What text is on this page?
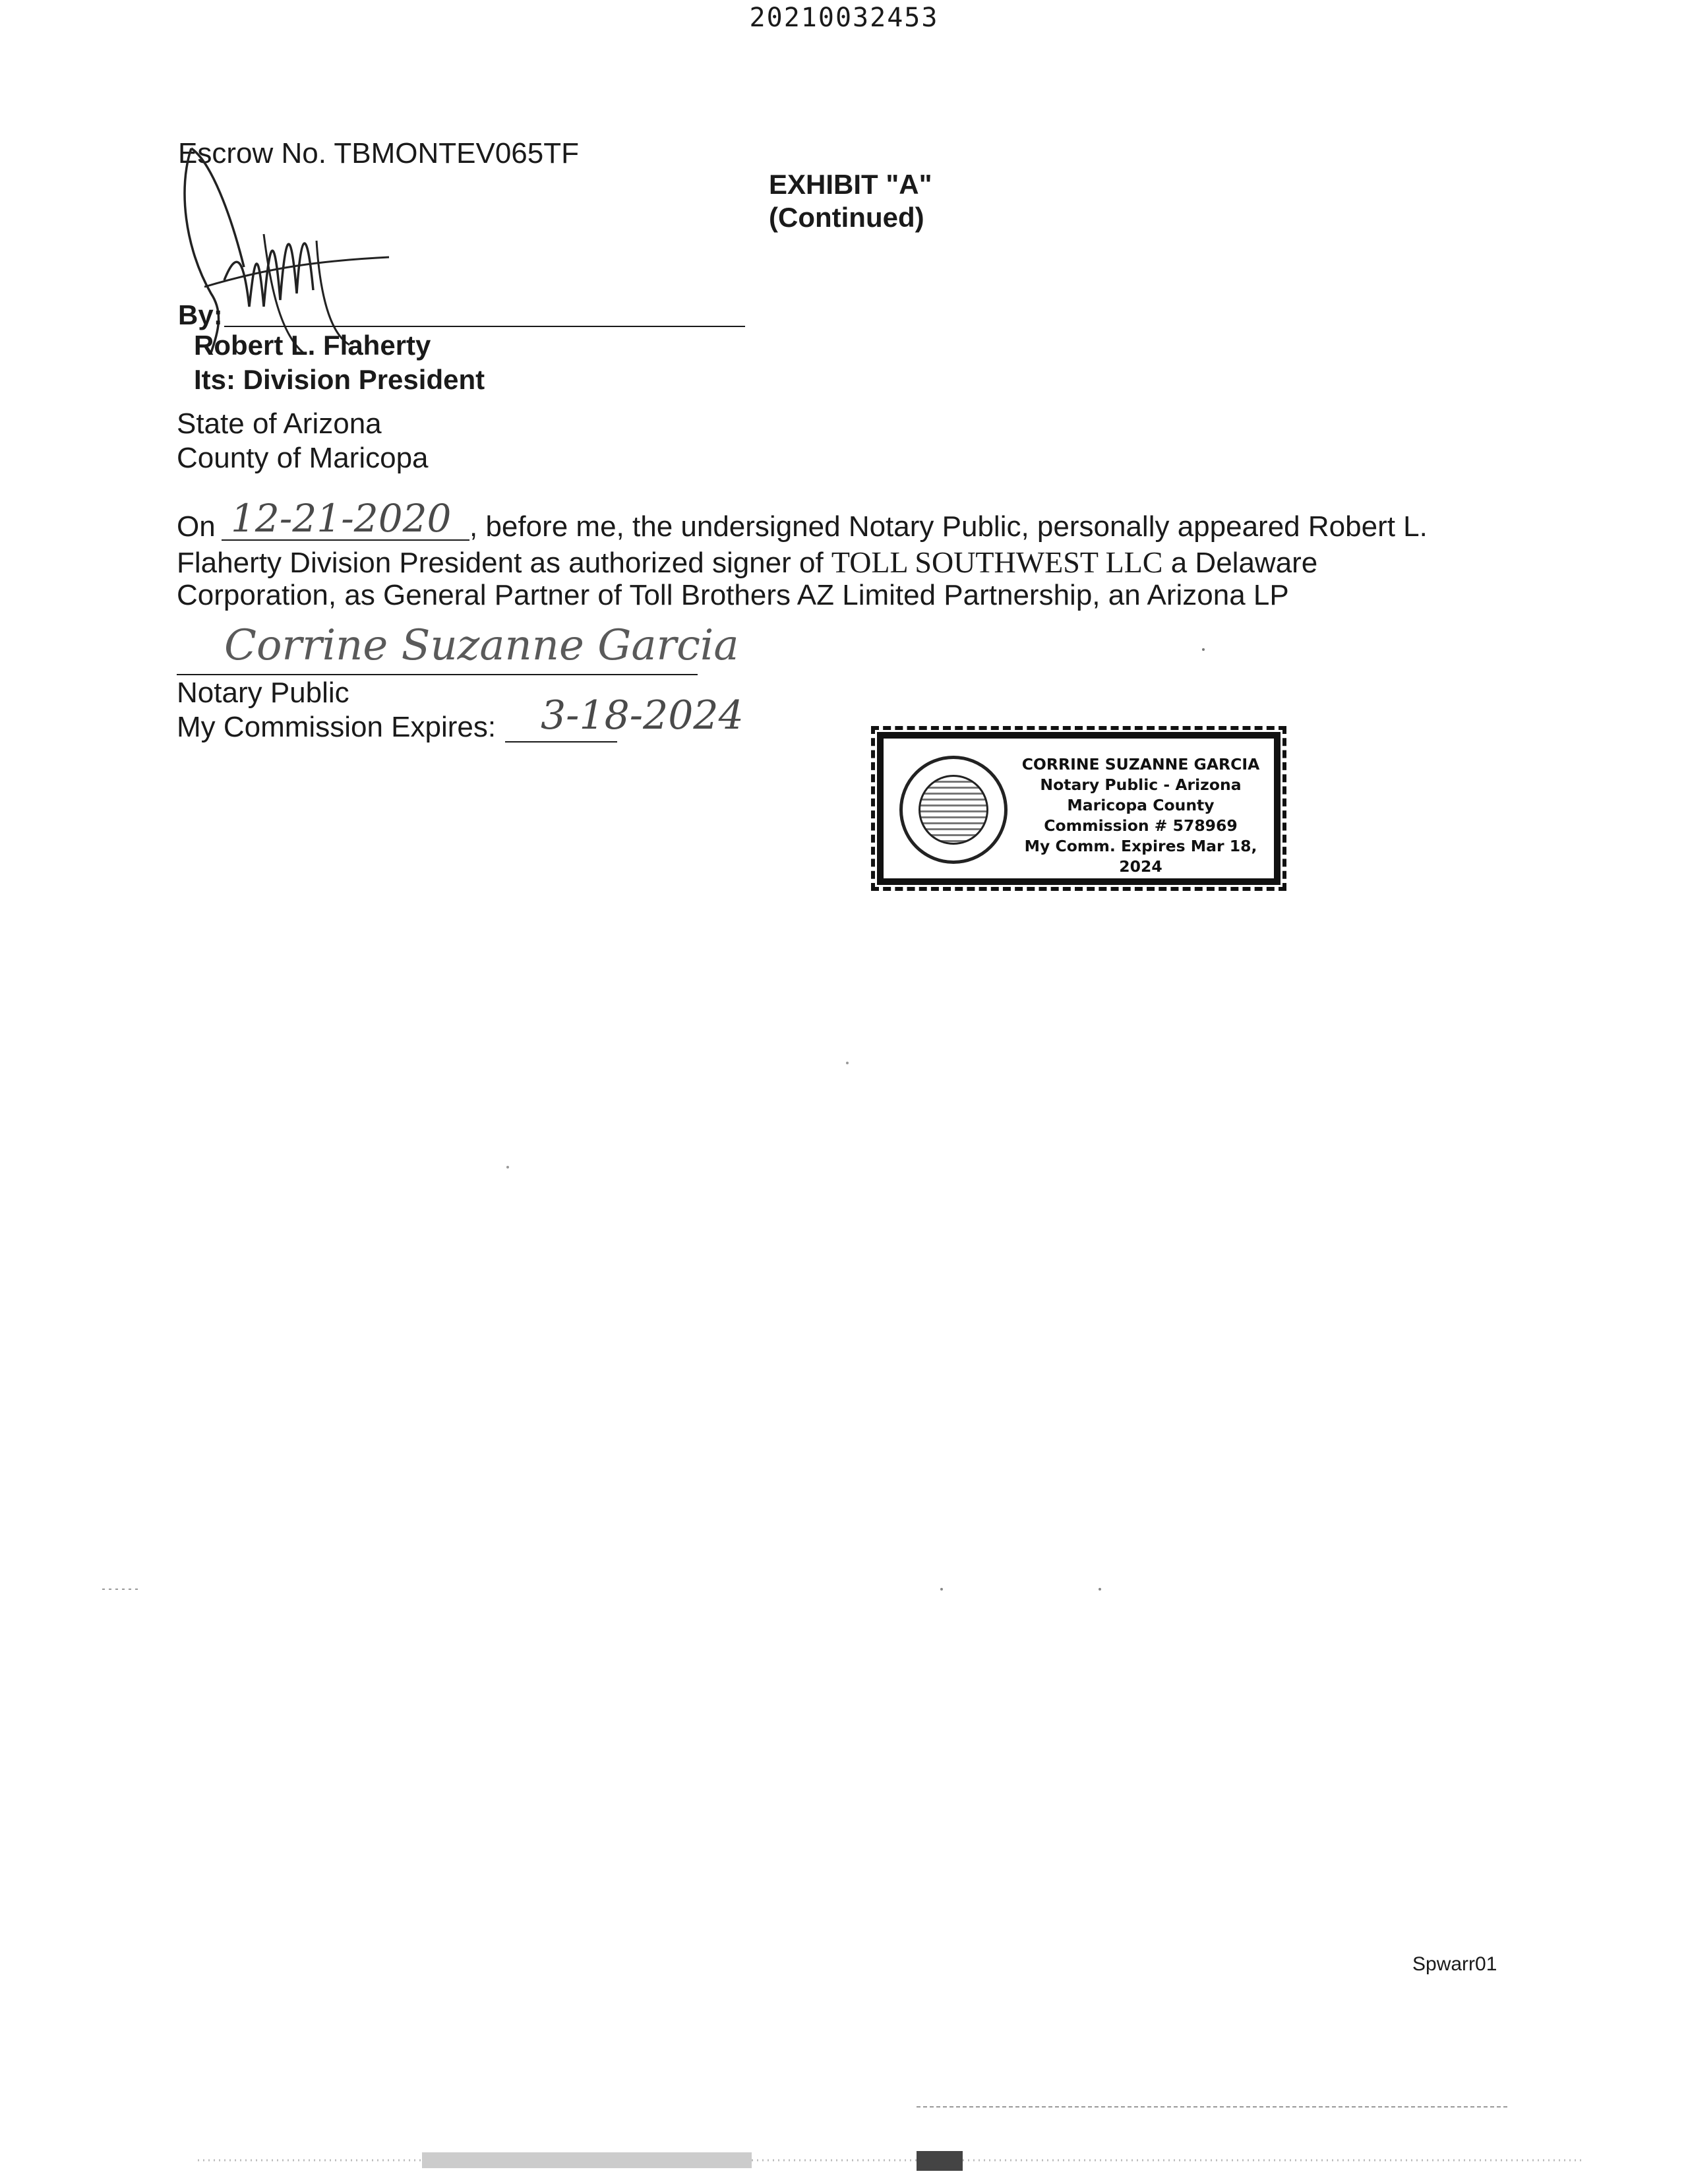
20210032453
Escrow No. TBMONTEV065TF
EXHIBIT "A"
(Continued)
By:
Robert L. Flaherty
Its: Division President
State of Arizona
County of Maricopa
On 12-21-2020 , before me, the undersigned Notary Public, personally appeared Robert L.
Flaherty Division President as authorized signer of TOLL SOUTHWEST LLC a Delaware
Corporation, as General Partner of Toll Brothers AZ Limited Partnership, an Arizona LP
Corrine Suzanne Garcia
Notary Public
My Commission Expires: 3-18-2024
CORRINE SUZANNE GARCIA
Notary Public - Arizona
Maricopa County
Commission # 578969
My Comm. Expires Mar 18, 2024
Spwarr01
